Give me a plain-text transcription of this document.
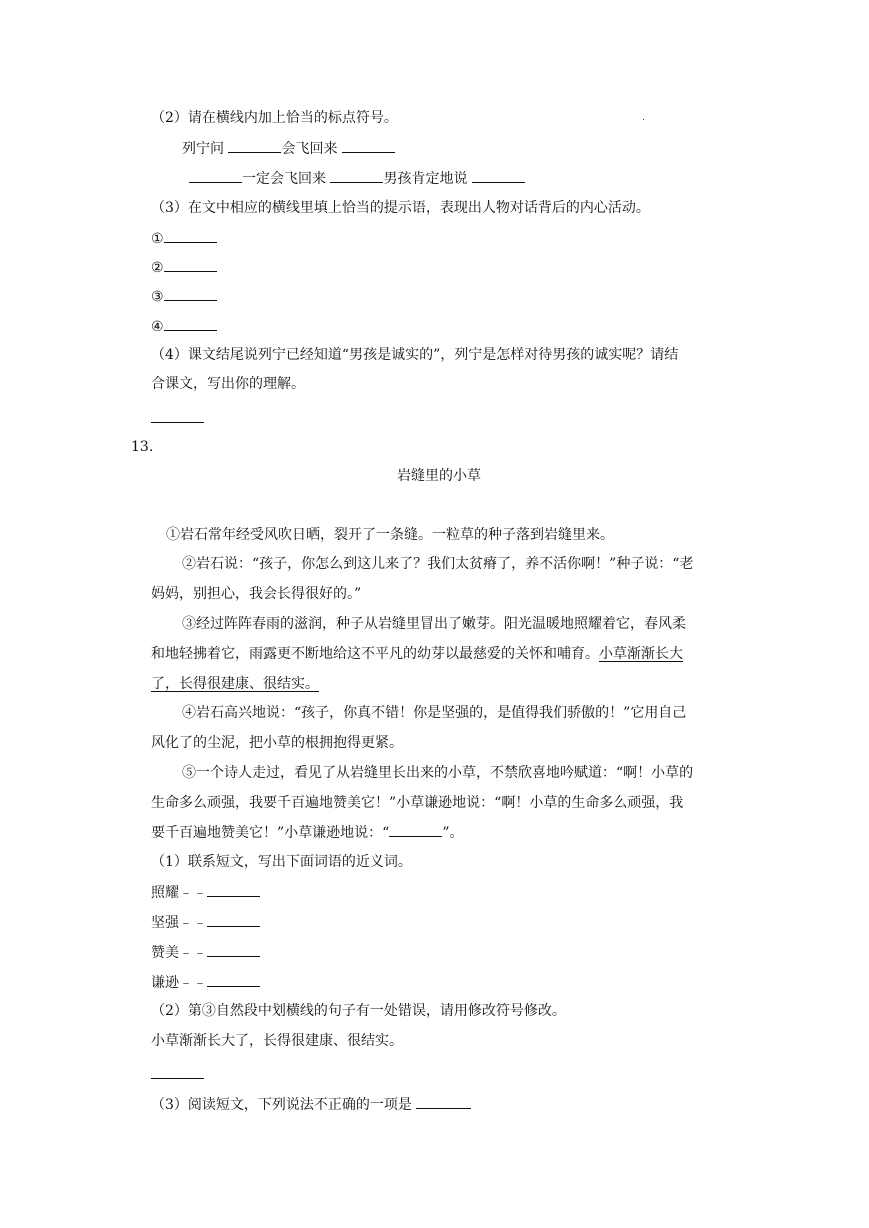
（2）请在横线内加上恰当的标点符号。
列宁问	会飞回来
一定会飞回来	男孩肯定地说
（3）在文中相应的横线里填上恰当的提示语，表现出人物对话背后的内心活动。
①
②
③
④
（4）课文结尾说列宁已经知道“男孩是诚实的”，列宁是怎样对待男孩的诚实呢？请结
合课文，写出你的理解。
13.
岩缝里的小草
①岩石常年经受风吹日晒，裂开了一条缝。一粒草的种子落到岩缝里来。
②岩石说：“孩子，你怎么到这儿来了？我们太贫瘠了，养不活你啊！”种子说：“老
妈妈，别担心，我会长得很好的。”
③经过阵阵春雨的滋润，种子从岩缝里冒出了嫩芽。阳光温暖地照耀着它，春风柔
和地轻拂着它，雨露更不断地给这不平凡的幼芽以最慈爱的关怀和哺育。小草渐渐长大
了，长得很建康、很结实。
④岩石高兴地说：“孩子，你真不错！你是坚强的，是值得我们骄傲的！”它用自己
风化了的尘泥，把小草的根拥抱得更紧。
⑤一个诗人走过，看见了从岩缝里长出来的小草，不禁欣喜地吟赋道：“啊！小草的
生命多么顽强，我要千百遍地赞美它！”小草谦逊地说：“啊！小草的生命多么顽强，我
要千百遍地赞美它！”小草谦逊地说：“	”。
（1）联系短文，写出下面词语的近义词。
照耀﹣﹣
坚强﹣﹣
赞美﹣﹣
谦逊﹣﹣
（2）第③自然段中划横线的句子有一处错误，请用修改符号修改。
小草渐渐长大了，长得很建康、很结实。
（3）阅读短文，下列说法不正确的一项是
